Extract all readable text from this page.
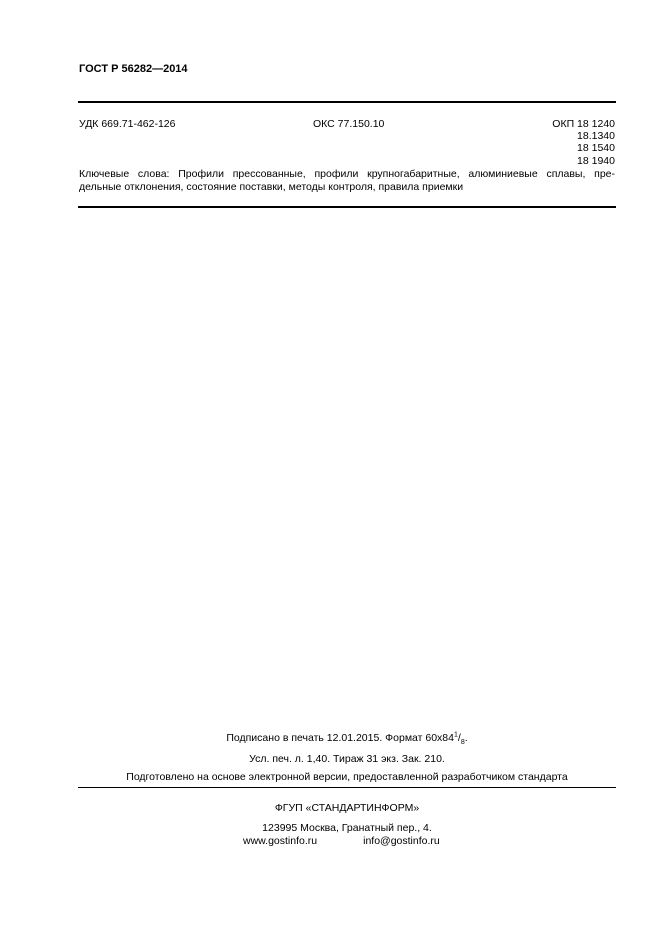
ГОСТ Р 56282—2014
УДК 669.71-462-126	ОКС 77.150.10	ОКП 18 1240
18.1340
18 1540
18 1940
Ключевые слова: Профили прессованные, профили крупногабаритные, алюминиевые сплавы, пре-
дельные отклонения, состояние поставки, методы контроля, правила приемки
Подписано в печать 12.01.2015. Формат $60х84^1/_8$.
Усл. печ. л. 1,40. Тираж 31 экз. Зак. 210.
Подготовлено на основе электронной версии, предоставленной разработчиком стандарта
ФГУП «СТАНДАРТИНФОРМ»
123995 Москва, Гранатный пер., 4.
www.gostinfo.ru	info@gostinfo.ru
